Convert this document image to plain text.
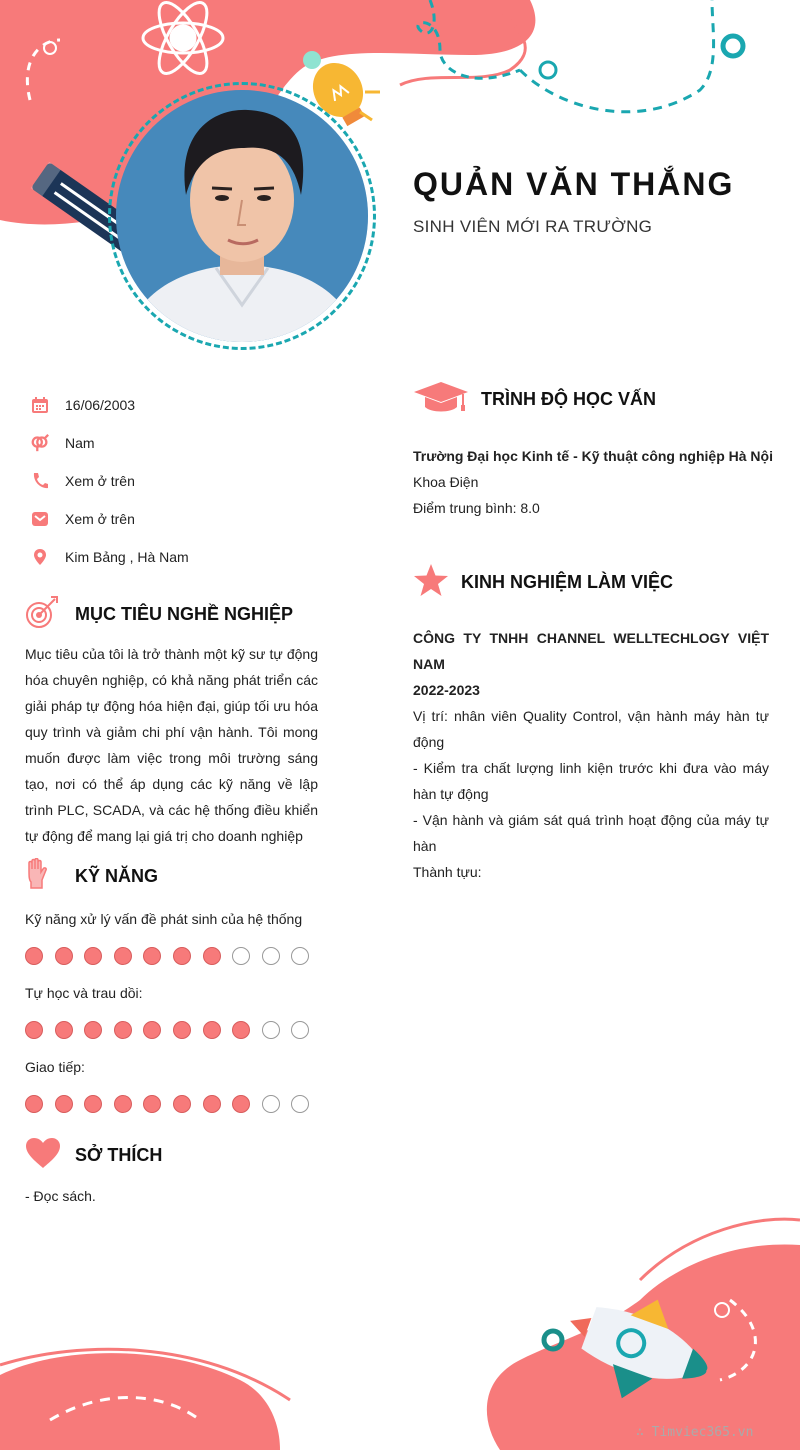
QUẢN VĂN THẮNG
SINH VIÊN MỚI RA TRƯỜNG
16/06/2003
Nam
Xem ở trên
Xem ở trên
Kim Bảng , Hà Nam
MỤC TIÊU NGHỀ NGHIỆP
Mục tiêu của tôi là trở thành một kỹ sư tự động hóa chuyên nghiệp, có khả năng phát triển các giải pháp tự động hóa hiện đại, giúp tối ưu hóa quy trình và giảm chi phí vận hành. Tôi mong muốn được làm việc trong môi trường sáng tạo, nơi có thể áp dụng các kỹ năng về lập trình PLC, SCADA, và các hệ thống điều khiển tự động để mang lại giá trị cho doanh nghiệp
KỸ NĂNG
Kỹ năng xử lý vấn đề phát sinh của hệ thống
Tự học và trau dồi:
Giao tiếp:
SỞ THÍCH
- Đọc sách.
TRÌNH ĐỘ HỌC VẤN
Trường Đại học Kinh tế - Kỹ thuật công nghiệp Hà Nội
Khoa Điện
Điểm trung bình: 8.0
KINH NGHIỆM LÀM VIỆC
CÔNG TY TNHH CHANNEL WELLTECHLOGY VIỆT NAM
2022-2023
Vị trí: nhân viên Quality Control, vận hành máy hàn tự động
- Kiểm tra chất lượng linh kiện trước khi đưa vào máy hàn tự động
- Vận hành và giám sát quá trình hoạt động của máy tự hàn
Thành tựu:
∴ Timviec365.vn
